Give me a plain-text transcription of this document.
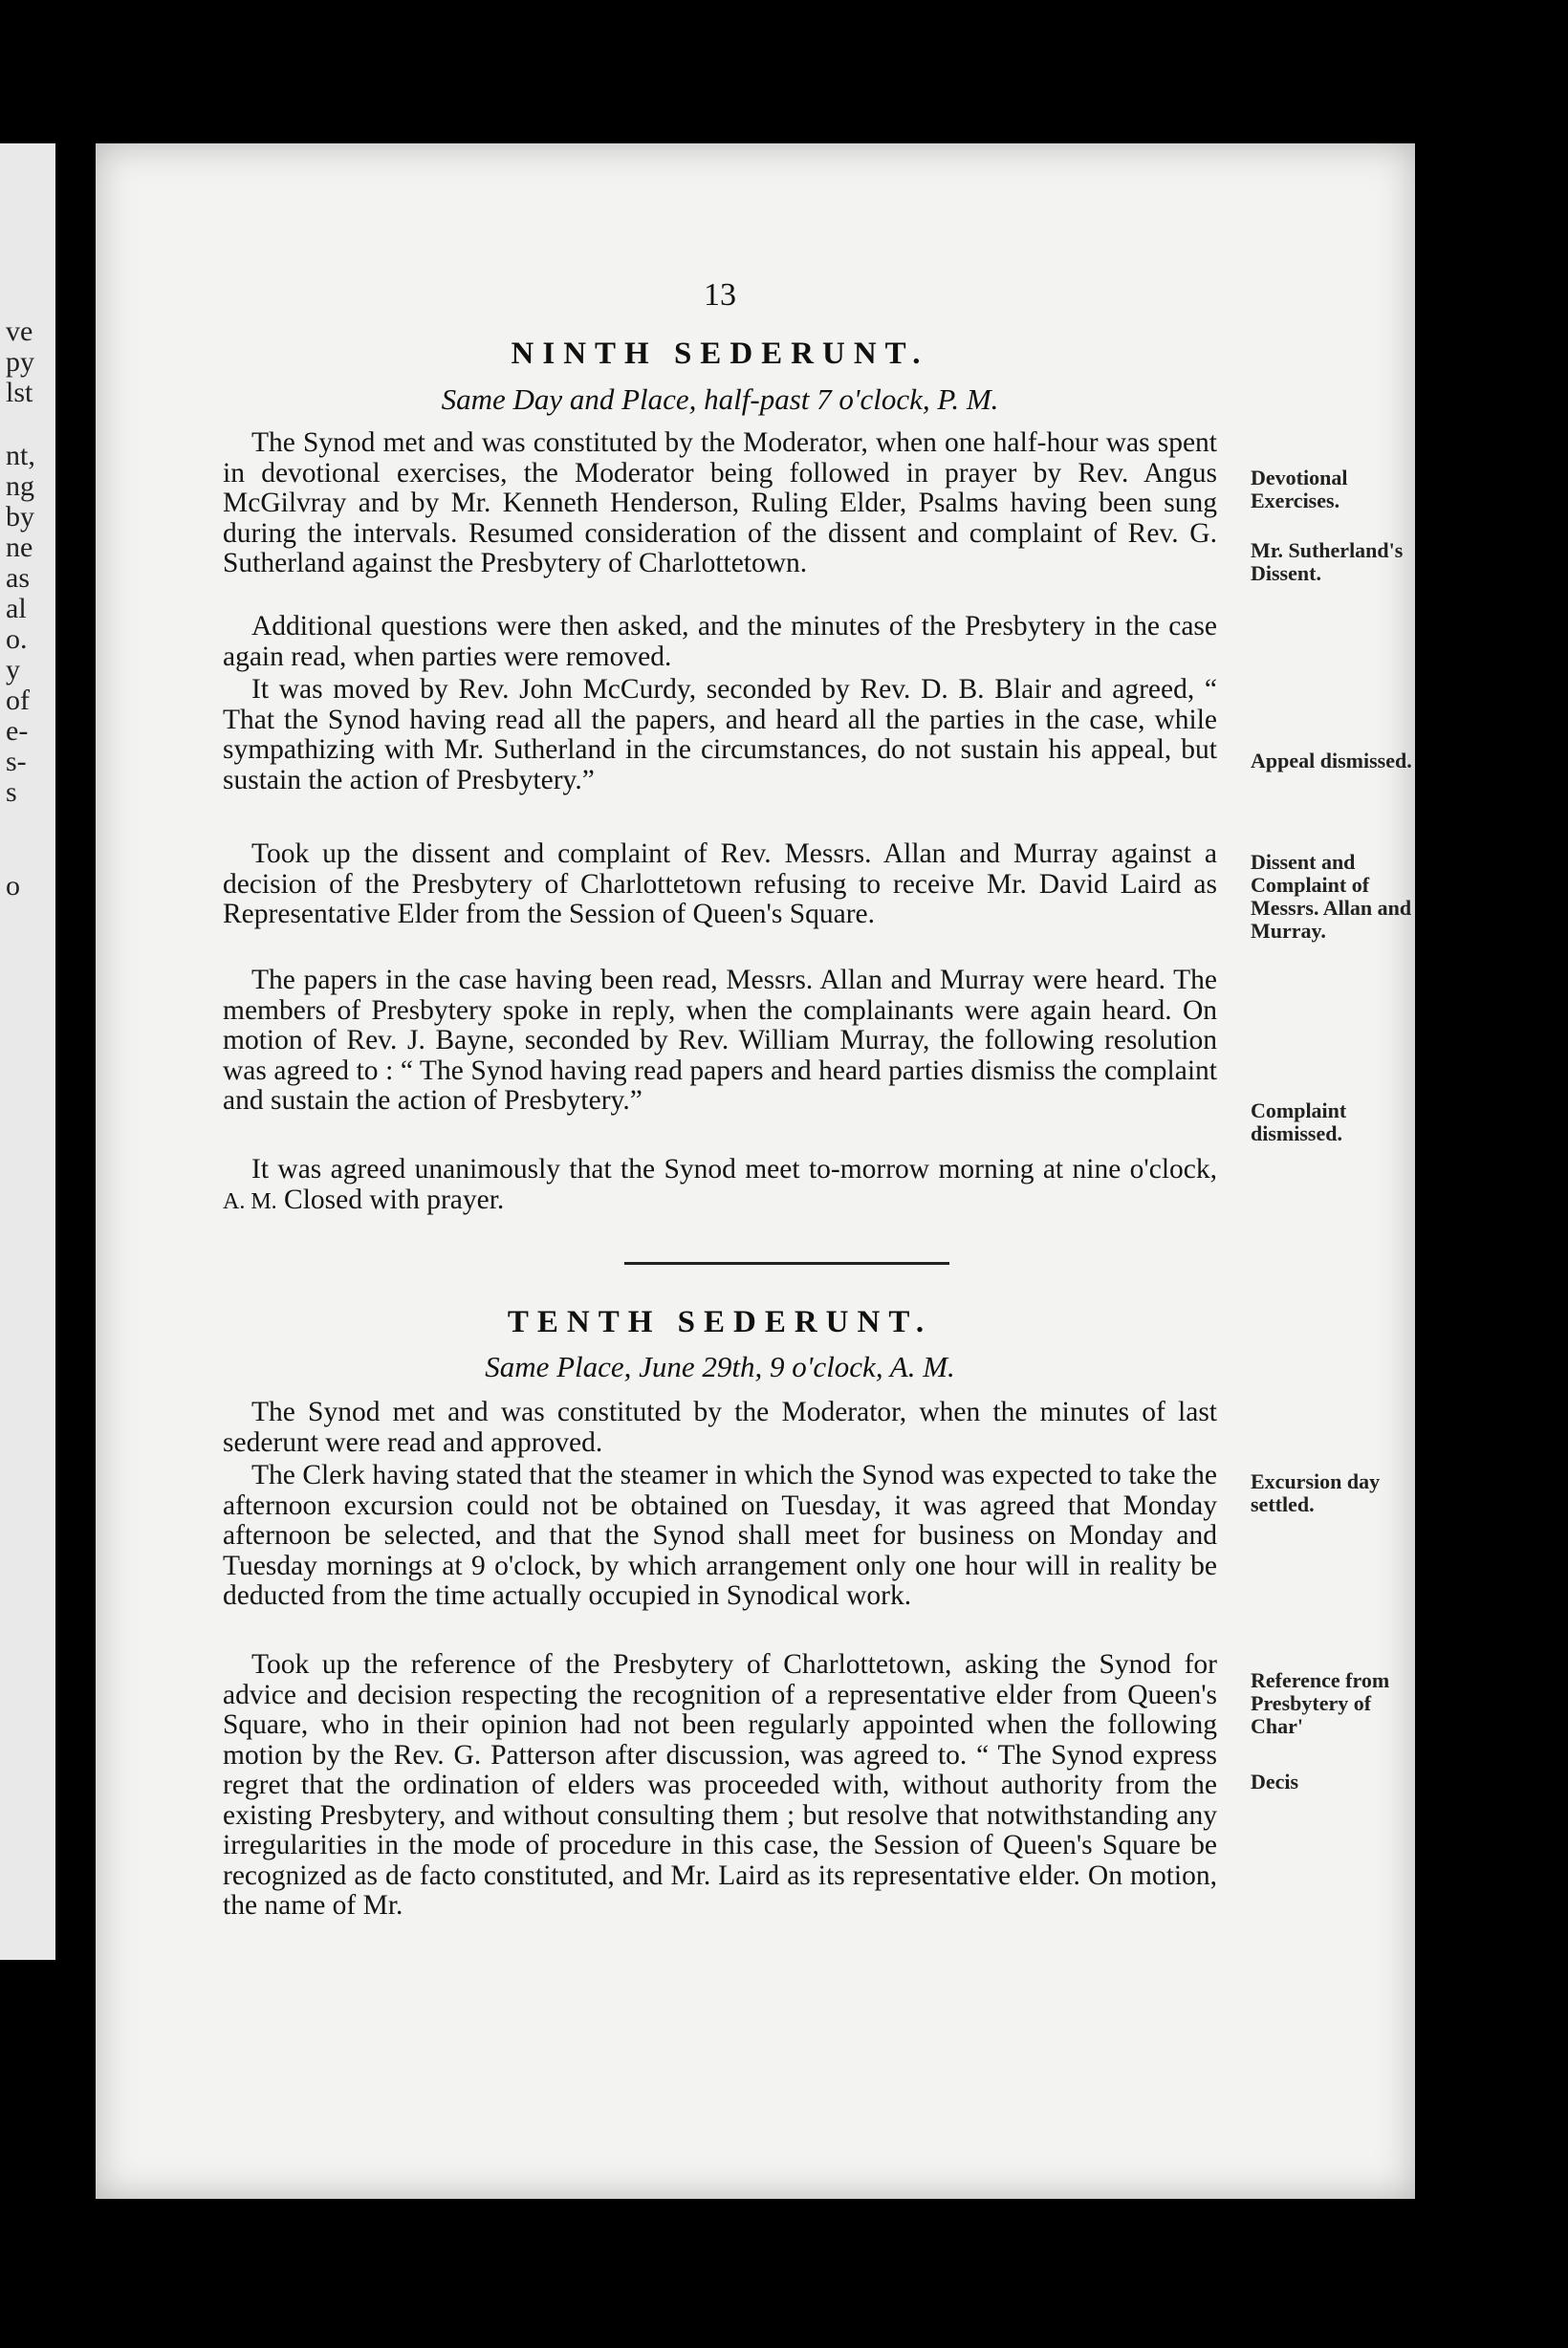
ve
py
lst
nt,
ng
by
ne
as
al
o.
y
of
e-
s-
s
o
13
NINTH SEDERUNT.
Same Day and Place, half-past 7 o'clock, P. M.

The Synod met and was constituted by the Moderator, when one half-hour was spent in devotional exercises, the Moderator being followed in prayer by Rev. Angus McGilvray and by Mr. Kenneth Henderson, Ruling Elder, Psalms having been sung during the intervals. Resumed consideration of the dissent and complaint of Rev. G. Sutherland against the Presbytery of Charlottetown.

Additional questions were then asked, and the minutes of the Presbytery in the case again read, when parties were removed.

It was moved by Rev. John McCurdy, seconded by Rev. D. B. Blair and agreed, “ That the Synod having read all the papers, and heard all the parties in the case, while sympathizing with Mr. Sutherland in the circumstances, do not sustain his appeal, but sustain the action of Presbytery.”

Took up the dissent and complaint of Rev. Messrs. Allan and Murray against a decision of the Presbytery of Charlottetown refusing to receive Mr. David Laird as Representative Elder from the Session of Queen's Square.

The papers in the case having been read, Messrs. Allan and Murray were heard. The members of Presbytery spoke in reply, when the complainants were again heard. On motion of Rev. J. Bayne, seconded by Rev. William Murray, the following resolution was agreed to : “ The Synod having read papers and heard parties dismiss the complaint and sustain the action of Presbytery.”

It was agreed unanimously that the Synod meet to-morrow morning at nine o'clock, A. M. Closed with prayer.

TENTH SEDERUNT.
Same Place, June 29th, 9 o'clock, A. M.

The Synod met and was constituted by the Moderator, when the minutes of last sederunt were read and approved.

The Clerk having stated that the steamer in which the Synod was expected to take the afternoon excursion could not be obtained on Tuesday, it was agreed that Monday afternoon be selected, and that the Synod shall meet for business on Monday and Tuesday mornings at 9 o'clock, by which arrangement only one hour will in reality be deducted from the time actually occupied in Synodical work.

Took up the reference of the Presbytery of Charlottetown, asking the Synod for advice and decision respecting the recognition of a representative elder from Queen's Square, who in their opinion had not been regularly appointed when the following motion by the Rev. G. Patterson after discussion, was agreed to. “ The Synod express regret that the ordination of elders was proceeded with, without authority from the existing Presbytery, and without consulting them ; but resolve that notwithstanding any irregularities in the mode of procedure in this case, the Session of Queen's Square be recognized as de facto constituted, and Mr. Laird as its representative elder. On motion, the name of Mr.

Devotional Exercises.
Mr. Sutherland's Dissent.
Appeal dismissed.
Dissent and Complaint of Messrs. Allan and Murray.
Complaint dismissed.
Excursion day settled.
Reference from Presbytery of Char'
Decis
